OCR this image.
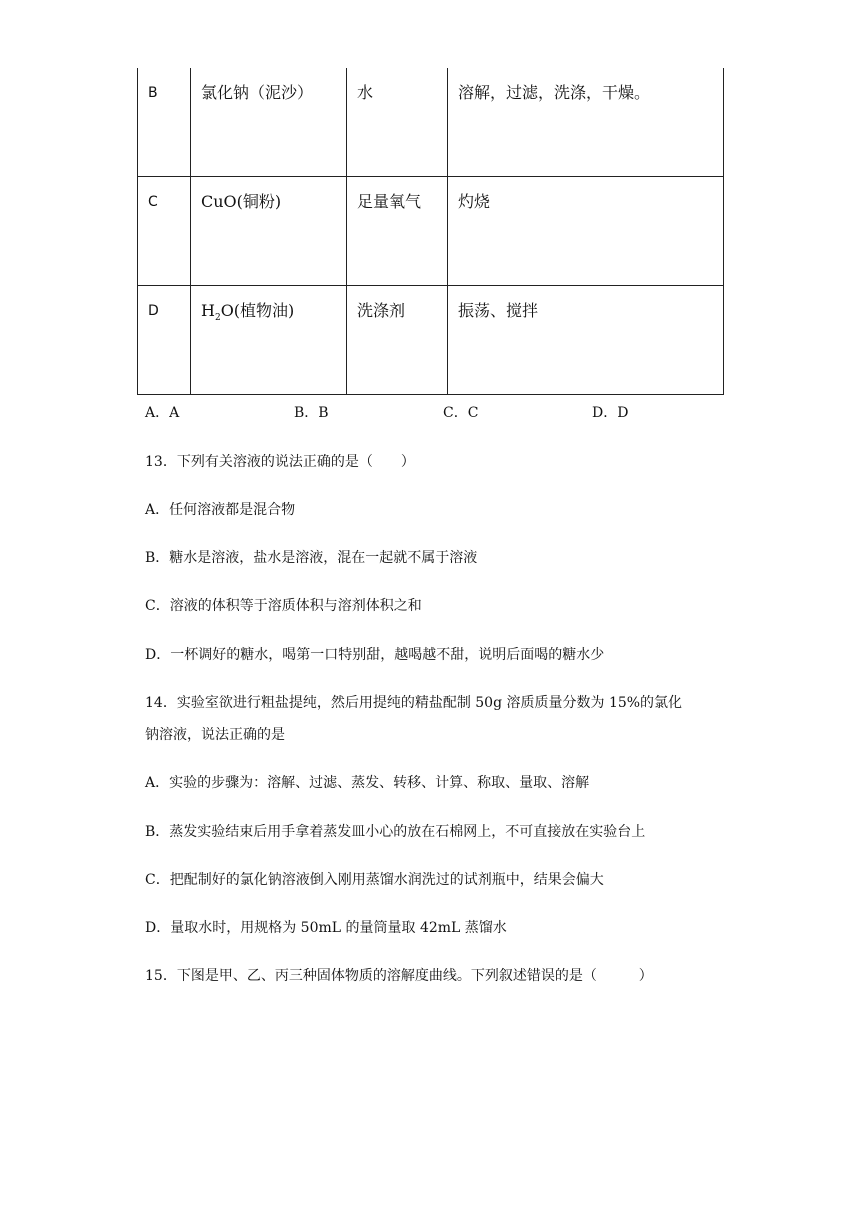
B	氯化钠（泥沙）	水	溶解，过滤，洗涤，干燥。

C	CuO(铜粉)	足量氧气	灼烧

D	$H_2O$(植物油)	洗涤剂	振荡、搅拌
A．A	B．B	C．C	D．D
13．下列有关溶液的说法正确的是（　　）
A．任何溶液都是混合物
B．糖水是溶液，盐水是溶液，混在一起就不属于溶液
C．溶液的体积等于溶质体积与溶剂体积之和
D．一杯调好的糖水，喝第一口特别甜，越喝越不甜，说明后面喝的糖水少
14．实验室欲进行粗盐提纯，然后用提纯的精盐配制 50g 溶质质量分数为 15%的氯化
钠溶液，说法正确的是
A．实验的步骤为：溶解、过滤、蒸发、转移、计算、称取、量取、溶解
B．蒸发实验结束后用手拿着蒸发皿小心的放在石棉网上，不可直接放在实验台上
C．把配制好的氯化钠溶液倒入刚用蒸馏水润洗过的试剂瓶中，结果会偏大
D．量取水时，用规格为 50mL 的量筒量取 42mL 蒸馏水
15．下图是甲、乙、丙三种固体物质的溶解度曲线。下列叙述错误的是（　　　）
